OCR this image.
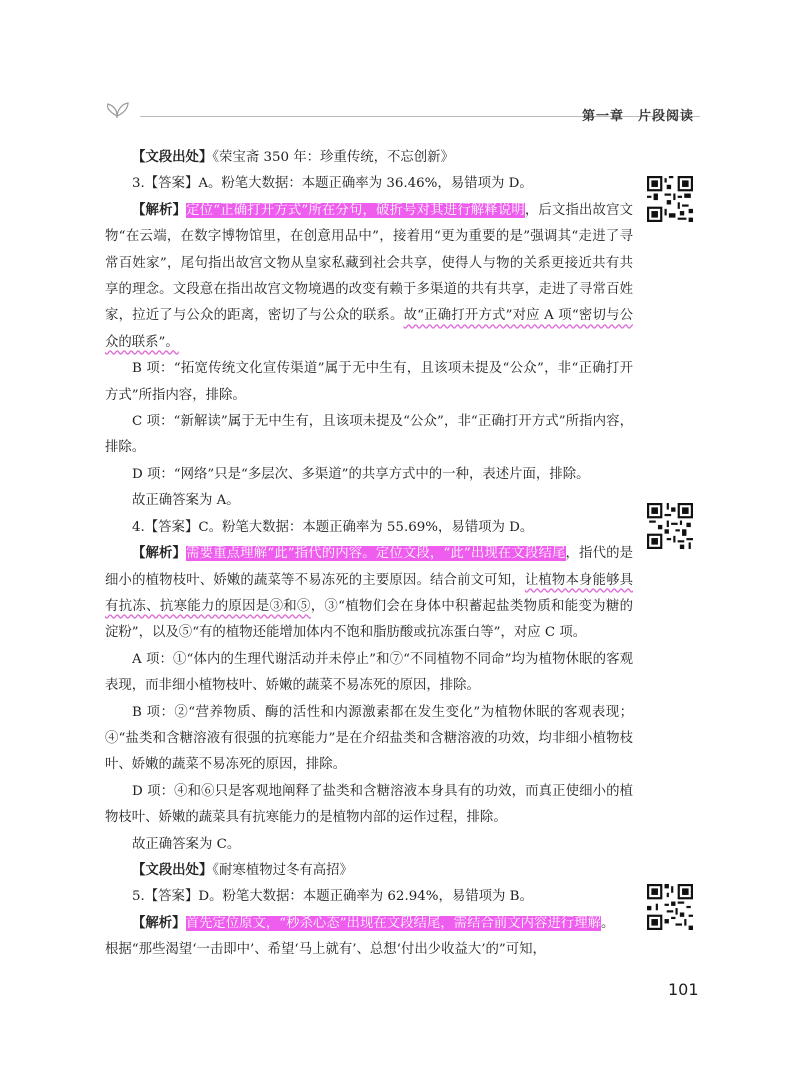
第一章 片段阅读

【文段出处】《荣宝斋 350 年：珍重传统，不忘创新》

3.【答案】A。粉笔大数据：本题正确率为 36.46%，易错项为 D。

【解析】定位“正确打开方式”所在分句，破折号对其进行解释说明，后文指出故宫文物“在云端，在数字博物馆里，在创意用品中”，接着用“更为重要的是”强调其“走进了寻常百姓家”，尾句指出故宫文物从皇家私藏到社会共享，使得人与物的关系更接近共有共享的理念。文段意在指出故宫文物境遇的改变有赖于多渠道的共有共享，走进了寻常百姓家，拉近了与公众的距离，密切了与公众的联系。故“正确打开方式”对应 A 项“密切与公众的联系”。

B 项：“拓宽传统文化宣传渠道”属于无中生有，且该项未提及“公众”，非“正确打开方式”所指内容，排除。

C 项：“新解读”属于无中生有，且该项未提及“公众”，非“正确打开方式”所指内容，排除。

D 项：“网络”只是“多层次、多渠道”的共享方式中的一种，表述片面，排除。

故正确答案为 A。

4.【答案】C。粉笔大数据：本题正确率为 55.69%，易错项为 D。

【解析】需要重点理解“此”指代的内容。定位文段，“此”出现在文段结尾，指代的是细小的植物枝叶、娇嫩的蔬菜等不易冻死的主要原因。结合前文可知，让植物本身能够具有抗冻、抗寒能力的原因是③和⑤，③“植物们会在身体中积蓄起盐类物质和能变为糖的淀粉”，以及⑤“有的植物还能增加体内不饱和脂肪酸或抗冻蛋白等”，对应 C 项。

A 项：①“体内的生理代谢活动并未停止”和⑦“不同植物不同命”均为植物休眠的客观表现，而非细小植物枝叶、娇嫩的蔬菜不易冻死的原因，排除。

B 项：②“营养物质、酶的活性和内源激素都在发生变化”为植物休眠的客观表现；④“盐类和含糖溶液有很强的抗寒能力”是在介绍盐类和含糖溶液的功效，均非细小植物枝叶、娇嫩的蔬菜不易冻死的原因，排除。

D 项：④和⑥只是客观地阐释了盐类和含糖溶液本身具有的功效，而真正使细小的植物枝叶、娇嫩的蔬菜具有抗寒能力的是植物内部的运作过程，排除。

故正确答案为 C。

【文段出处】《耐寒植物过冬有高招》

5.【答案】D。粉笔大数据：本题正确率为 62.94%，易错项为 B。

【解析】首先定位原文，“秒杀心态”出现在文段结尾，需结合前文内容进行理解。

根据“那些渴望‘一击即中’、希望‘马上就有’、总想‘付出少收益大’的”可知，

101
